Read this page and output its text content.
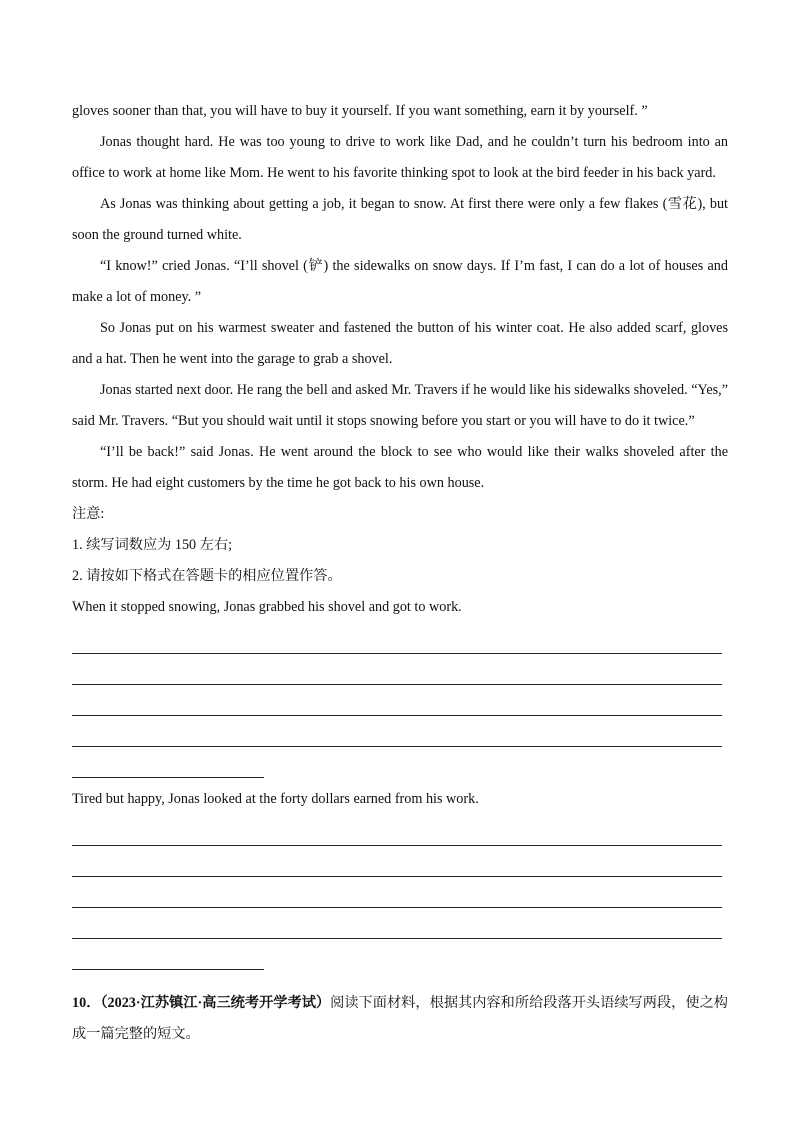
gloves sooner than that, you will have to buy it yourself. If you want something, earn it by yourself. ”

Jonas thought hard. He was too young to drive to work like Dad, and he couldn’t turn his bedroom into an office to work at home like Mom. He went to his favorite thinking spot to look at the bird feeder in his back yard.

As Jonas was thinking about getting a job, it began to snow. At first there were only a few flakes (雪花), but soon the ground turned white.

“I know!” cried Jonas. “I’ll shovel (铲) the sidewalks on snow days. If I’m fast, I can do a lot of houses and make a lot of money. ”

So Jonas put on his warmest sweater and fastened the button of his winter coat. He also added scarf, gloves and a hat. Then he went into the garage to grab a shovel.

Jonas started next door. He rang the bell and asked Mr. Travers if he would like his sidewalks shoveled. “Yes,” said Mr. Travers. “But you should wait until it stops snowing before you start or you will have to do it twice.”

“I’ll be back!” said Jonas. He went around the block to see who would like their walks shoveled after the storm. He had eight customers by the time he got back to his own house.

注意:
1. 续写词数应为 150 左右;
2. 请按如下格式在答题卡的相应位置作答。
When it stopped snowing, Jonas grabbed his shovel and got to work.
Tired but happy, Jonas looked at the forty dollars earned from his work.
10．（2023·江苏镇江·高三统考开学考试）阅读下面材料，根据其内容和所给段落开头语续写两段，使之构成一篇完整的短文。
